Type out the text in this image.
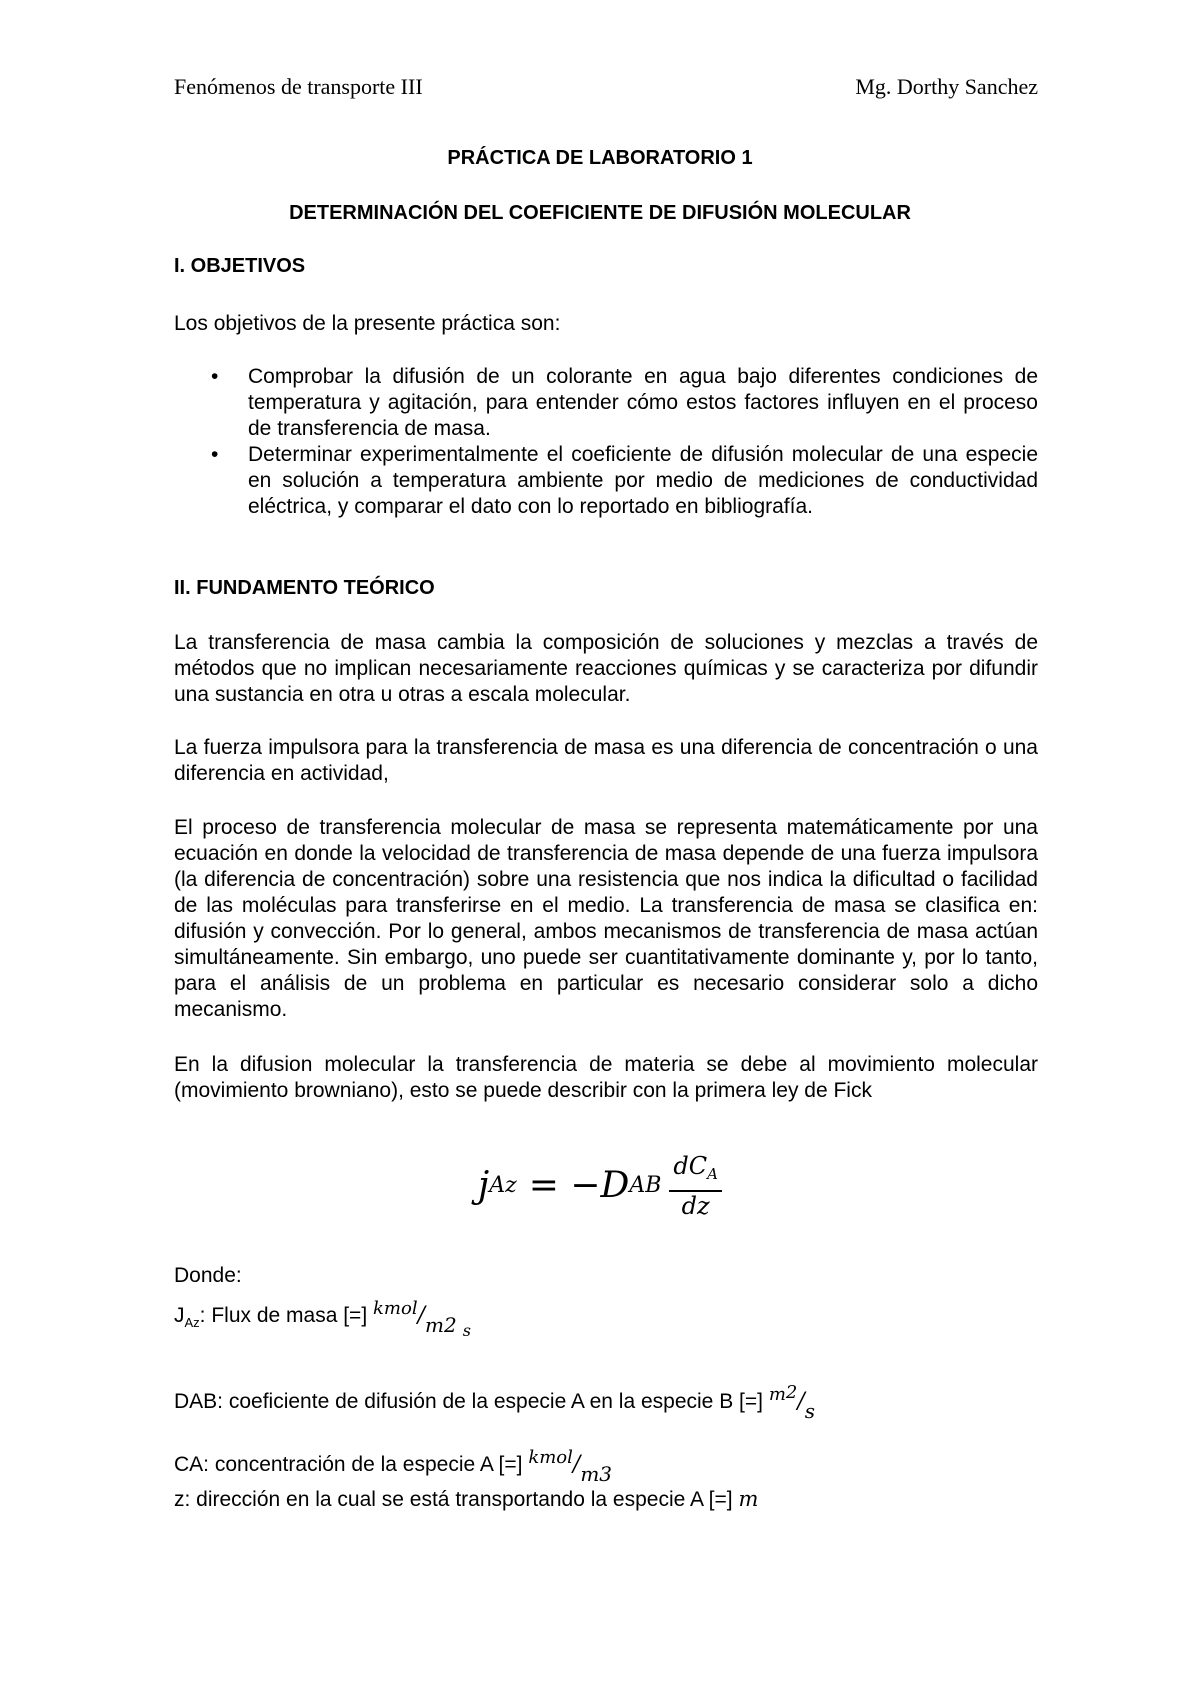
Fenómenos de transporte III	Mg. Dorthy Sanchez
PRÁCTICA DE LABORATORIO 1
DETERMINACIÓN DEL COEFICIENTE DE DIFUSIÓN MOLECULAR
I. OBJETIVOS
Los objetivos de la presente práctica son:
• Comprobar la difusión de un colorante en agua bajo diferentes condiciones de temperatura y agitación, para entender cómo estos factores influyen en el proceso de transferencia de masa.
• Determinar experimentalmente el coeficiente de difusión molecular de una especie en solución a temperatura ambiente por medio de mediciones de conductividad eléctrica, y comparar el dato con lo reportado en bibliografía.
II. FUNDAMENTO TEÓRICO
La transferencia de masa cambia la composición de soluciones y mezclas a través de métodos que no implican necesariamente reacciones químicas y se caracteriza por difundir una sustancia en otra u otras a escala molecular.
La fuerza impulsora para la transferencia de masa es una diferencia de concentración o una diferencia en actividad,
El proceso de transferencia molecular de masa se representa matemáticamente por una ecuación en donde la velocidad de transferencia de masa depende de una fuerza impulsora (la diferencia de concentración) sobre una resistencia que nos indica la dificultad o facilidad de las moléculas para transferirse en el medio. La transferencia de masa se clasifica en: difusión y convección. Por lo general, ambos mecanismos de transferencia de masa actúan simultáneamente. Sin embargo, uno puede ser cuantitativamente dominante y, por lo tanto, para el análisis de un problema en particular es necesario considerar solo a dicho mecanismo.
En la difusion molecular la transferencia de materia se debe al movimiento molecular (movimiento browniano), esto se puede describir con la primera ley de Fick
j Az = −D AB $\frac{dC_A}{dz}$
Donde:
$J_{Az}$: Flux de masa [=] kmol/m2 $_s$
DAB: coeficiente de difusión de la especie A en la especie B [=] m2/s
CA: concentración de la especie A [=] kmol/m3
z: dirección en la cual se está transportando la especie A [=] m
